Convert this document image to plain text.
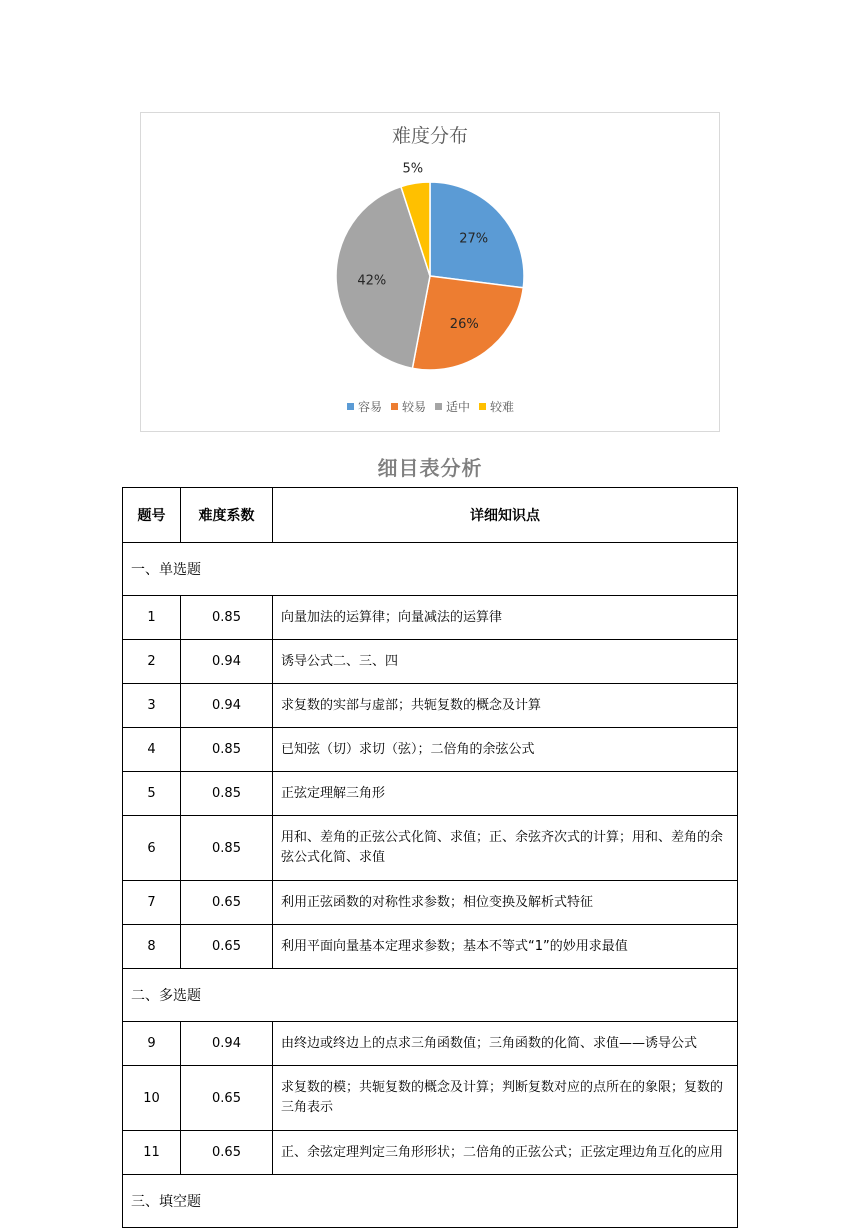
难度分布
27%
26%
42%
5%
容易 较易 适中 较难
细目表分析
题号	难度系数	详细知识点
一、单选题		
1	0.85	向量加法的运算律；向量减法的运算律
2	0.94	诱导公式二、三、四
3	0.94	求复数的实部与虚部；共轭复数的概念及计算
4	0.85	已知弦（切）求切（弦）；二倍角的余弦公式
5	0.85	正弦定理解三角形
6	0.85	用和、差角的正弦公式化简、求值；正、余弦齐次式的计算；用和、差角的余弦公式化简、求值
7	0.65	利用正弦函数的对称性求参数；相位变换及解析式特征
8	0.65	利用平面向量基本定理求参数；基本不等式“1”的妙用求最值
二、多选题		
9	0.94	由终边或终边上的点求三角函数值；三角函数的化简、求值——诱导公式
10	0.65	求复数的模；共轭复数的概念及计算；判断复数对应的点所在的象限；复数的三角表示
11	0.65	正、余弦定理判定三角形形状；二倍角的正弦公式；正弦定理边角互化的应用
三、填空题		
